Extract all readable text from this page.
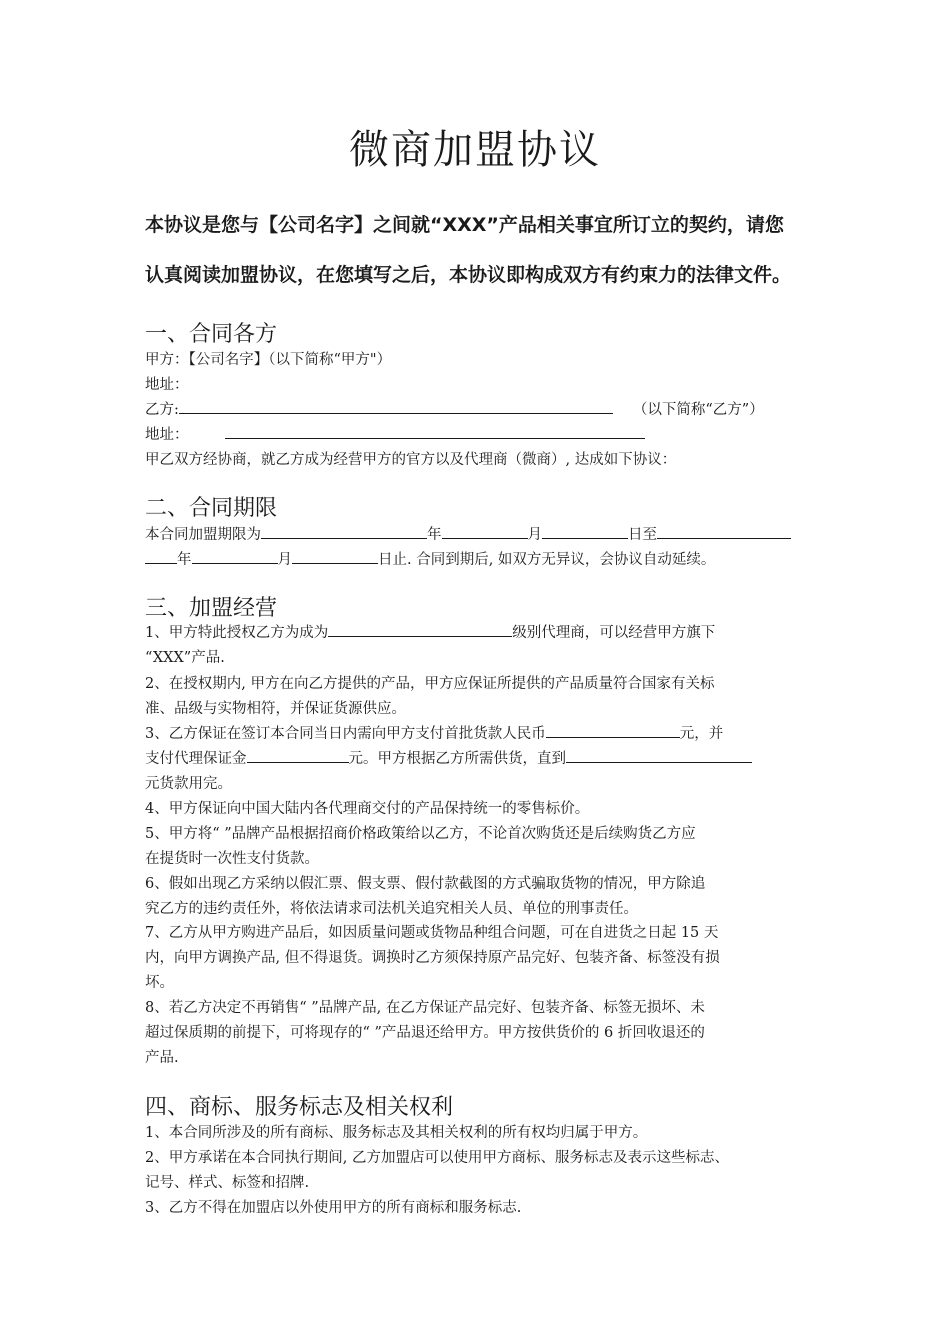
微商加盟协议
本协议是您与【公司名字】之间就“XXX”产品相关事宜所订立的契约，请您
认真阅读加盟协议，在您填写之后，本协议即构成双方有约束力的法律文件。
一、合同各方
甲方：【公司名字】（以下简称“甲方"）
地址：
乙方:	（以下简称“乙方”）
地址：
甲乙双方经协商，就乙方成为经营甲方的官方以及代理商（微商）, 达成如下协议：
二、合同期限
本合同加盟期限为	年	月	日至
年	月	日止. 合同到期后, 如双方无异议，会协议自动延续。
三、加盟经营
1、甲方特此授权乙方为成为	级别代理商，可以经营甲方旗下
“XXX”产品.
2、在授权期内, 甲方在向乙方提供的产品，甲方应保证所提供的产品质量符合国家有关标
准、品级与实物相符，并保证货源供应。
3、乙方保证在签订本合同当日内需向甲方支付首批货款人民币	元，并
支付代理保证金	元。甲方根据乙方所需供货，直到
元货款用完。
4、甲方保证向中国大陆内各代理商交付的产品保持统一的零售标价。
5、甲方将“ ”品牌产品根据招商价格政策给以乙方，不论首次购货还是后续购货乙方应
在提货时一次性支付货款。
6、假如出现乙方采纳以假汇票、假支票、假付款截图的方式骗取货物的情况，甲方除追
究乙方的违约责任外，将依法请求司法机关追究相关人员、单位的刑事责任。
7、乙方从甲方购进产品后，如因质量问题或货物品种组合问题，可在自进货之日起 15 天
内，向甲方调换产品, 但不得退货。调换时乙方须保持原产品完好、包装齐备、标签没有损
坏。
8、若乙方决定不再销售“ ”品牌产品, 在乙方保证产品完好、包装齐备、标签无损坏、未
超过保质期的前提下，可将现存的“ ”产品退还给甲方。甲方按供货价的 6 折回收退还的
产品.
四、商标、服务标志及相关权利
1、本合同所涉及的所有商标、服务标志及其相关权利的所有权均归属于甲方。
2、甲方承诺在本合同执行期间, 乙方加盟店可以使用甲方商标、服务标志及表示这些标志、
记号、样式、标签和招牌.
3、乙方不得在加盟店以外使用甲方的所有商标和服务标志.
